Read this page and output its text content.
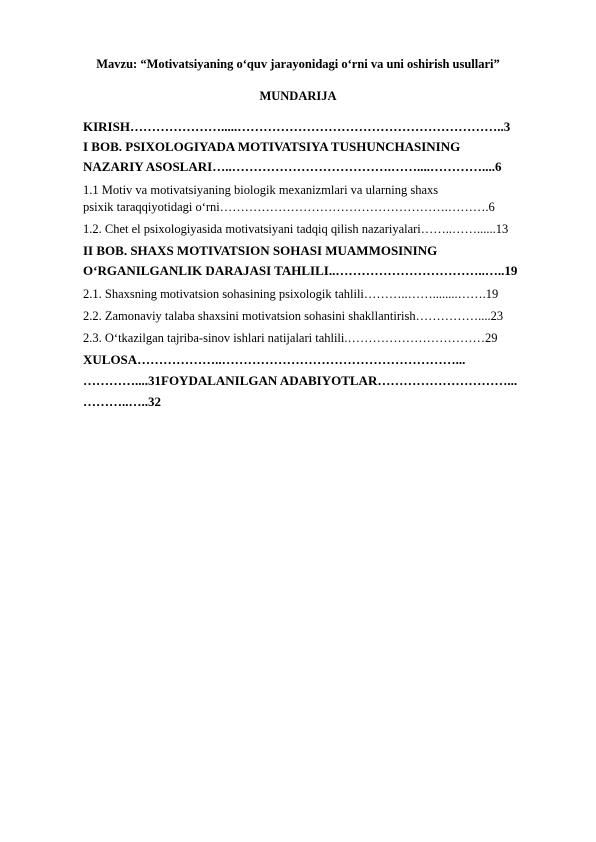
Mavzu: “Motivatsiyaning o‘quv jarayonidagi o‘rni va uni oshirish usullari”
MUNDARIJA
KIRISH………………….....……………………………………………………..3
I BOB. PSIXOLOGIYADA MOTIVATSIYA TUSHUNCHASINING
NAZARIY ASOSLARI…..……………………………….……....…………....6
1.1 Motiv va motivatsiyaning biologik mexanizmlari va ularning shaxs
psixik taraqqiyotidagi o‘rni……………………………………………….……….6
1.2. Chet el psixologiyasida motivatsiyani tadqiq qilish nazariyalari……..……......13
II BOB. SHAXS MOTIVATSION SOHASI MUAMMOSINING
O‘RGANILGANLIK DARAJASI TAHLILI..……………………………..…..19
2.1. Shaxsning motivatsion sohasining psixologik tahlili………..……........…….19
2.2. Zamonaviy talaba shaxsini motivatsion sohasini shakllantirish……………....23
2.3. O‘tkazilgan tajriba-sinov ishlari natijalari tahlili.……………………………29
XULOSA………………..………………………………………………...
…………....31FOYDALANILGAN ADABIYOTLAR…………………………...
………..…..32
